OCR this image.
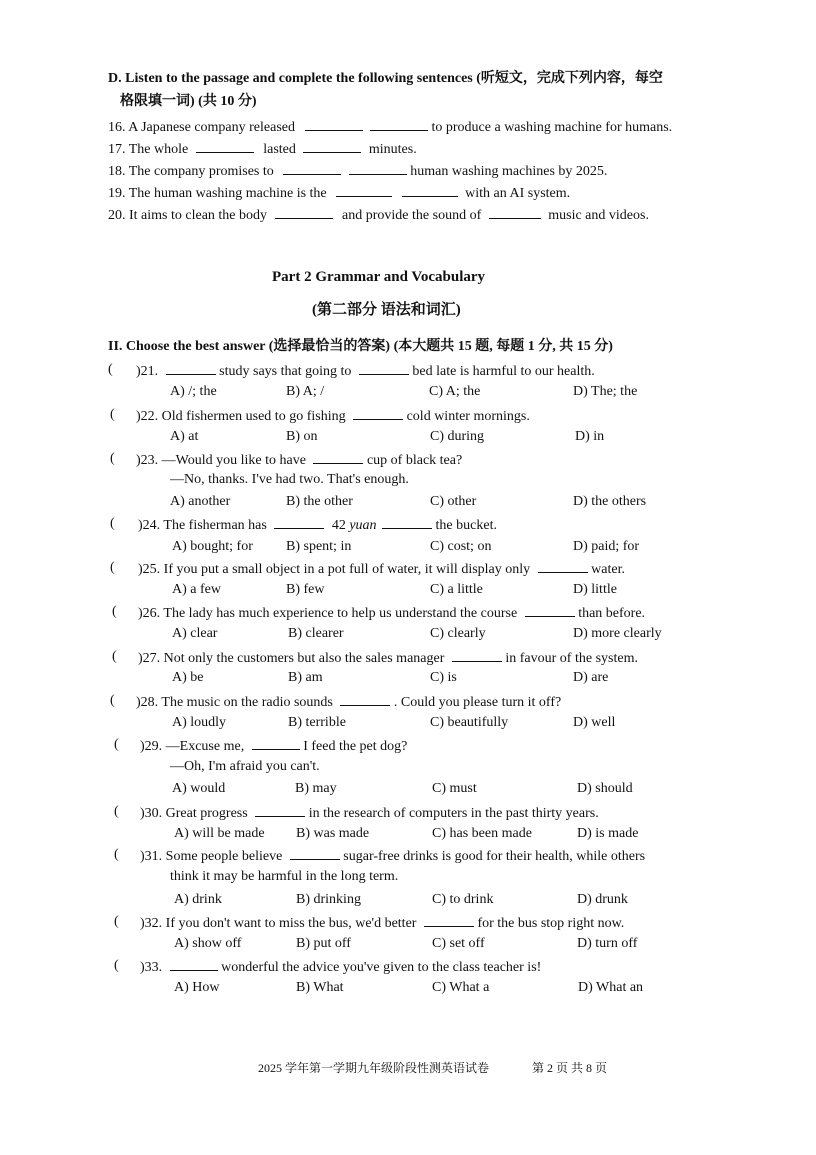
D. Listen to the passage and complete the following sentences (听短文，完成下列内容，每空
格限填一词) (共 10 分)
16. A Japanese company released	to produce a washing machine for humans.
17. The whole	lasted	minutes.
18. The company promises to	human washing machines by 2025.
19. The human washing machine is the	with an AI system.
20. It aims to clean the body	and provide the sound of	music and videos.
Part 2 Grammar and Vocabulary
(第二部分 语法和词汇)
II. Choose the best answer (选择最恰当的答案) (本大题共 15 题, 每题 1 分, 共 15 分)
( )21.	study says that going to	bed late is harmful to our health.
A) /; the	B) A; /	C) A; the	D) The; the
( )22. Old fishermen used to go fishing	cold winter mornings.
A) at	B) on	C) during	D) in
( )23. —Would you like to have	cup of black tea?
—No, thanks. I've had two. That's enough.
A) another	B) the other	C) other	D) the others
( )24. The fisherman has	42 yuan	the bucket.
A) bought; for B) spent; in	C) cost; on	D) paid; for
( )25. If you put a small object in a pot full of water, it will display only	water.
A) a few	B) few	C) a little	D) little
( )26. The lady has much experience to help us understand the course	than before.
A) clear	B) clearer	C) clearly	D) more clearly
( )27. Not only the customers but also the sales manager	in favour of the system.
A) be	B) am	C) is	D) are
( )28. The music on the radio sounds	. Could you please turn it off?
A) loudly	B) terrible	C) beautifully	D) well
( )29. —Excuse me,	I feed the pet dog?
—Oh, I'm afraid you can't.
A) would	B) may	C) must	D) should
( )30. Great progress	in the research of computers in the past thirty years.
A) will be made B) was made	C) has been made	D) is made
( )31. Some people believe	sugar-free drinks is good for their health, while others
think it may be harmful in the long term.
A) drink	B) drinking	C) to drink	D) drunk
( )32. If you don't want to miss the bus, we'd better	for the bus stop right now.
A) show off	B) put off	C) set off	D) turn off
( )33.	wonderful the advice you've given to the class teacher is!
A) How	B) What	C) What a	D) What an
2025 学年第一学期九年级阶段性测英语试卷	第 2 页 共 8 页
